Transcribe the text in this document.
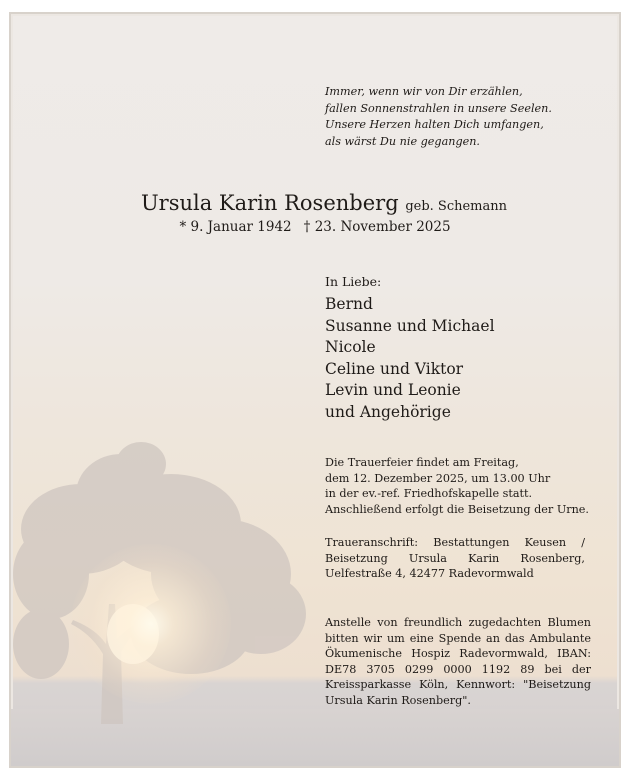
Immer, wenn wir von Dir erzählen,
fallen Sonnenstrahlen in unsere Seelen.
Unsere Herzen halten Dich umfangen,
als wärst Du nie gegangen.
Ursula Karin Rosenberg geb. Schemann
* 9. Januar 1942 † 23. November 2025
In Liebe:
Bernd
Susanne und Michael
Nicole
Celine und Viktor
Levin und Leonie
und Angehörige
Die Trauerfeier findet am Freitag,
dem 12. Dezember 2025, um 13.00 Uhr
in der ev.-ref. Friedhofskapelle statt.
Anschließend erfolgt die Beisetzung der Urne.
Traueranschrift: Bestattungen Keusen /
Beisetzung Ursula Karin Rosenberg,
Uelfestraße 4, 42477 Radevormwald
Anstelle von freundlich zugedachten Blumen
bitten wir um eine Spende an das Ambulante
Ökumenische Hospiz Radevormwald, IBAN:
DE78 3705 0299 0000 1192 89 bei der
Kreissparkasse Köln, Kennwort: "Beisetzung
Ursula Karin Rosenberg".
